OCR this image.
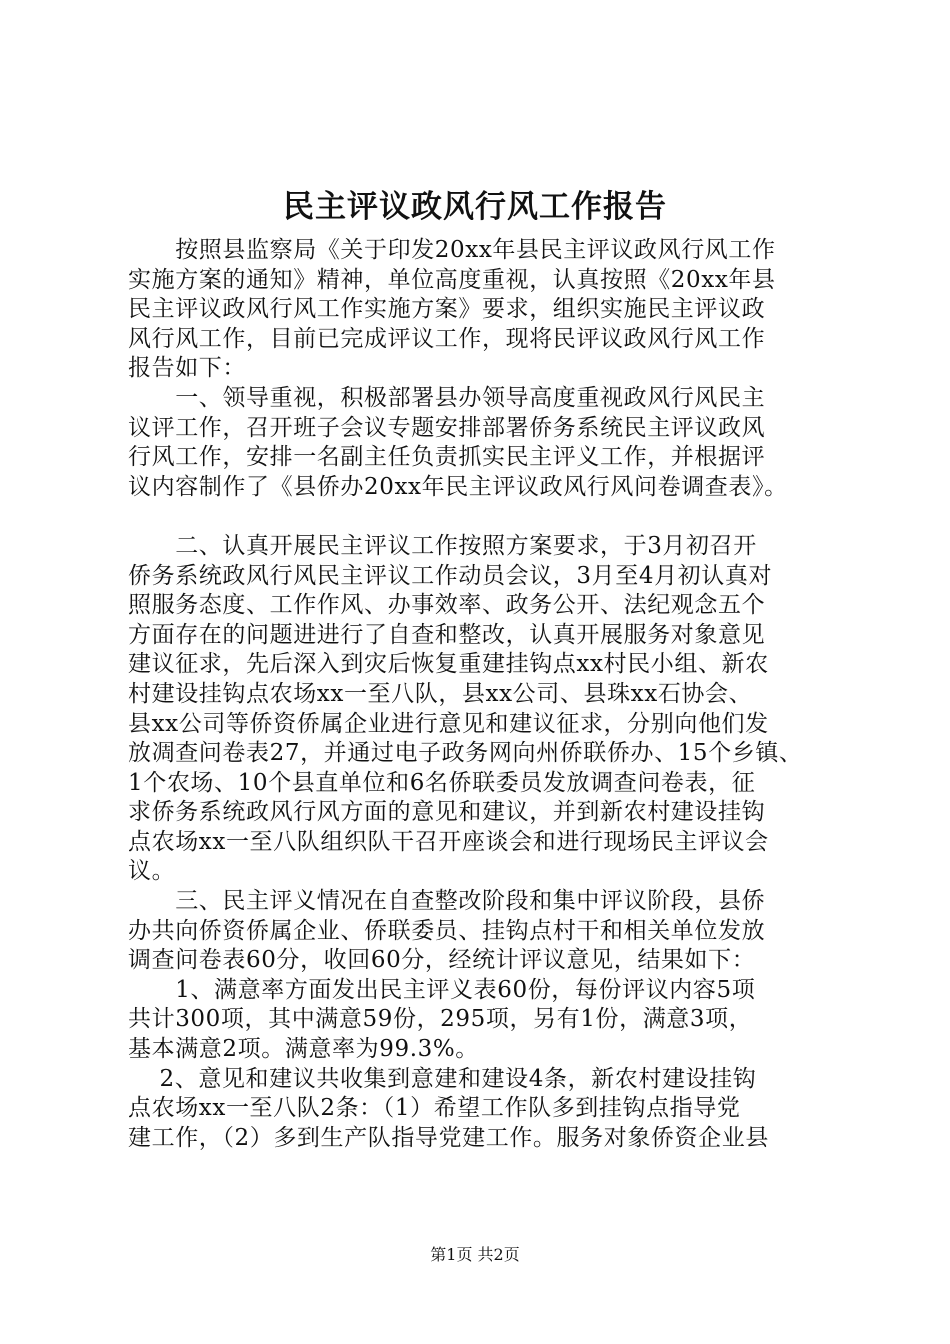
民主评议政风行风工作报告
　　按照县监察局《关于印发20xx年县民主评议政风行风工作
实施方案的通知》精神，单位高度重视，认真按照《20xx年县
民主评议政风行风工作实施方案》要求，组织实施民主评议政
风行风工作，目前已完成评议工作，现将民评议政风行风工作
报告如下：
　　一、领导重视，积极部署县办领导高度重视政风行风民主
议评工作，召开班子会议专题安排部署侨务系统民主评议政风
行风工作，安排一名副主任负责抓实民主评义工作，并根据评
议内容制作了《县侨办20xx年民主评议政风行风问卷调查表》。
　　二、认真开展民主评议工作按照方案要求，于3月初召开
侨务系统政风行风民主评议工作动员会议，3月至4月初认真对
照服务态度、工作作风、办事效率、政务公开、法纪观念五个
方面存在的问题进进行了自查和整改，认真开展服务对象意见
建议征求，先后深入到灾后恢复重建挂钩点xx村民小组、新农
村建设挂钩点农场xx一至八队，县xx公司、县珠xx石协会、
县xx公司等侨资侨属企业进行意见和建议征求，分别向他们发
放凋查问卷表27，并通过电子政务网向州侨联侨办、15个乡镇、
1个农场、10个县直单位和6名侨联委员发放调查问卷表，征
求侨务系统政风行风方面的意见和建议，并到新农村建设挂钩
点农场xx一至八队组织队干召开座谈会和进行现场民主评议会
议。
　　三、民主评义情况在自查整改阶段和集中评议阶段，县侨
办共向侨资侨属企业、侨联委员、挂钩点村干和相关单位发放
调查问卷表60分，收回60分，经统计评议意见，结果如下：
　　1、满意率方面发出民主评义表60份，每份评议内容5项
共计300项，其中满意59份，295项，另有1份，满意3项，
基本满意2项。满意率为99.3%。
　 2、意见和建议共收集到意建和建设4条，新农村建设挂钩
点农场xx一至八队2条：（1）希望工作队多到挂钩点指导党
建工作，（2）多到生产队指导党建工作。服务对象侨资企业县
第1页 共2页
